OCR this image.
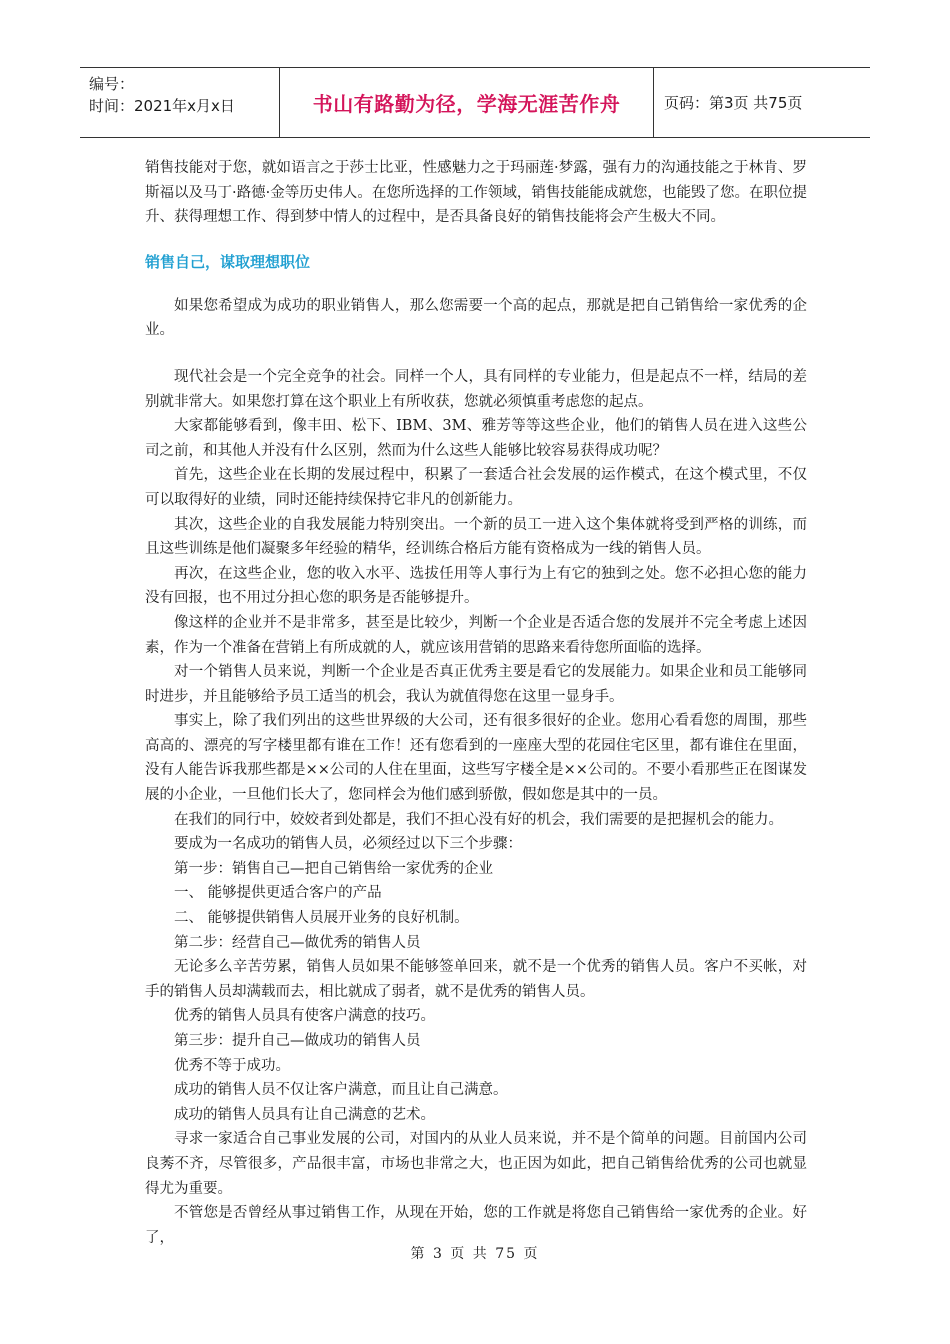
编号：
时间：2021年x月x日	书山有路勤为径，学海无涯苦作舟	页码：第3页 共75页

销售技能对于您，就如语言之于莎士比亚，性感魅力之于玛丽莲·梦露，强有力的沟通技能之于林肯、罗斯福以及马丁·路德·金等历史伟人。在您所选择的工作领域，销售技能能成就您，也能毁了您。在职位提升、获得理想工作、得到梦中情人的过程中，是否具备良好的销售技能将会产生极大不同。

销售自己，谋取理想职位

如果您希望成为成功的职业销售人，那么您需要一个高的起点，那就是把自己销售给一家优秀的企业。

现代社会是一个完全竞争的社会。同样一个人，具有同样的专业能力，但是起点不一样，结局的差别就非常大。如果您打算在这个职业上有所收获，您就必须慎重考虑您的起点。

大家都能够看到，像丰田、松下、IBM、3M、雅芳等等这些企业，他们的销售人员在进入这些公司之前，和其他人并没有什么区别，然而为什么这些人能够比较容易获得成功呢？

首先，这些企业在长期的发展过程中，积累了一套适合社会发展的运作模式，在这个模式里，不仅可以取得好的业绩，同时还能持续保持它非凡的创新能力。

其次，这些企业的自我发展能力特别突出。一个新的员工一进入这个集体就将受到严格的训练，而且这些训练是他们凝聚多年经验的精华，经训练合格后方能有资格成为一线的销售人员。

再次，在这些企业，您的收入水平、选拔任用等人事行为上有它的独到之处。您不必担心您的能力没有回报，也不用过分担心您的职务是否能够提升。

像这样的企业并不是非常多，甚至是比较少，判断一个企业是否适合您的发展并不完全考虑上述因素，作为一个准备在营销上有所成就的人，就应该用营销的思路来看待您所面临的选择。

对一个销售人员来说，判断一个企业是否真正优秀主要是看它的发展能力。如果企业和员工能够同时进步，并且能够给予员工适当的机会，我认为就值得您在这里一显身手。

事实上，除了我们列出的这些世界级的大公司，还有很多很好的企业。您用心看看您的周围，那些高高的、漂亮的写字楼里都有谁在工作！还有您看到的一座座大型的花园住宅区里，都有谁住在里面，没有人能告诉我那些都是××公司的人住在里面，这些写字楼全是××公司的。不要小看那些正在图谋发展的小企业，一旦他们长大了，您同样会为他们感到骄傲，假如您是其中的一员。

在我们的同行中，姣姣者到处都是，我们不担心没有好的机会，我们需要的是把握机会的能力。

要成为一名成功的销售人员，必须经过以下三个步骤：

第一步：销售自己—把自己销售给一家优秀的企业

一、 能够提供更适合客户的产品

二、 能够提供销售人员展开业务的良好机制。

第二步：经营自己—做优秀的销售人员

无论多么辛苦劳累，销售人员如果不能够签单回来，就不是一个优秀的销售人员。客户不买帐，对手的销售人员却满载而去，相比就成了弱者，就不是优秀的销售人员。

优秀的销售人员具有使客户满意的技巧。

第三步：提升自己—做成功的销售人员

优秀不等于成功。

成功的销售人员不仅让客户满意，而且让自己满意。

成功的销售人员具有让自己满意的艺术。

寻求一家适合自己事业发展的公司，对国内的从业人员来说，并不是个简单的问题。目前国内公司良莠不齐，尽管很多，产品很丰富，市场也非常之大，也正因为如此，把自己销售给优秀的公司也就显得尤为重要。

不管您是否曾经从事过销售工作，从现在开始，您的工作就是将您自己销售给一家优秀的企业。好了，

第 3 页 共 75 页
